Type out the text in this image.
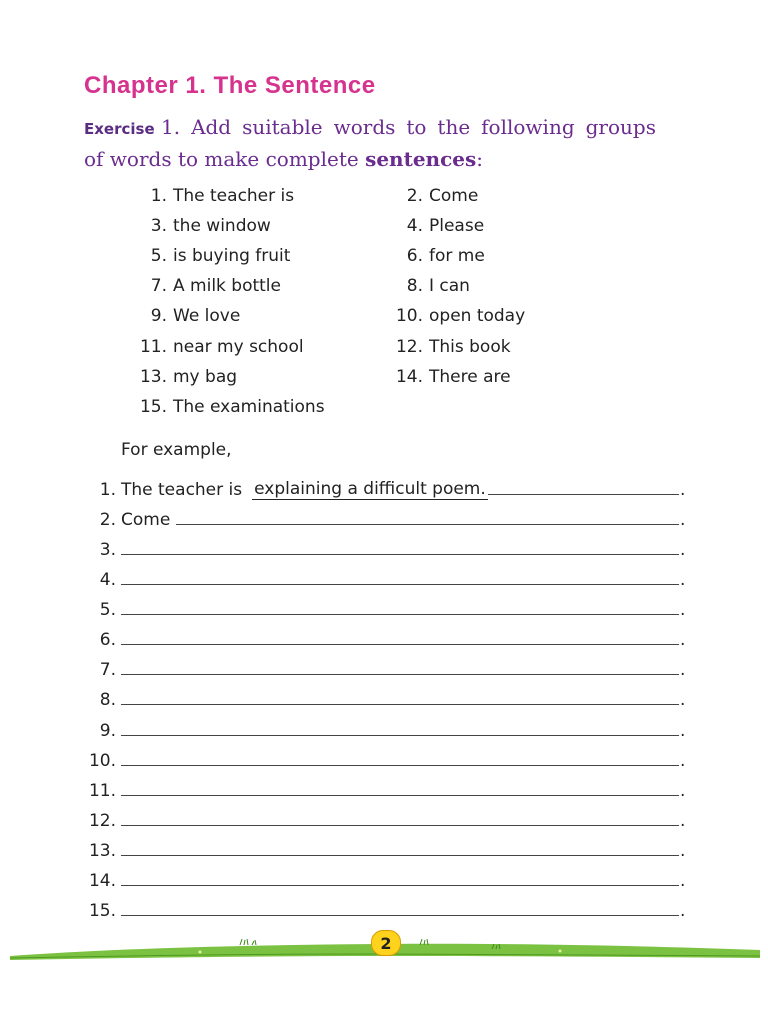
Chapter 1. The Sentence
Exercise 1. Add suitable words to the following groups
of words to make complete sentences:
1. The teacher is	2. Come
3. the window	4. Please
5. is buying fruit	6. for me
7. A milk bottle	8. I can
9. We love	10. open today
11. near my school	12. This book
13. my bag	14. There are
15. The examinations
For example,
1. The teacher is explaining a difficult poem.	.
2. Come	.
3.	.
4.	.
5.	.
6.	.
7.	.
8.	.
9.	.
10.	.
11.	.
12.	.
13.	.
14.	.
15.	.
2
